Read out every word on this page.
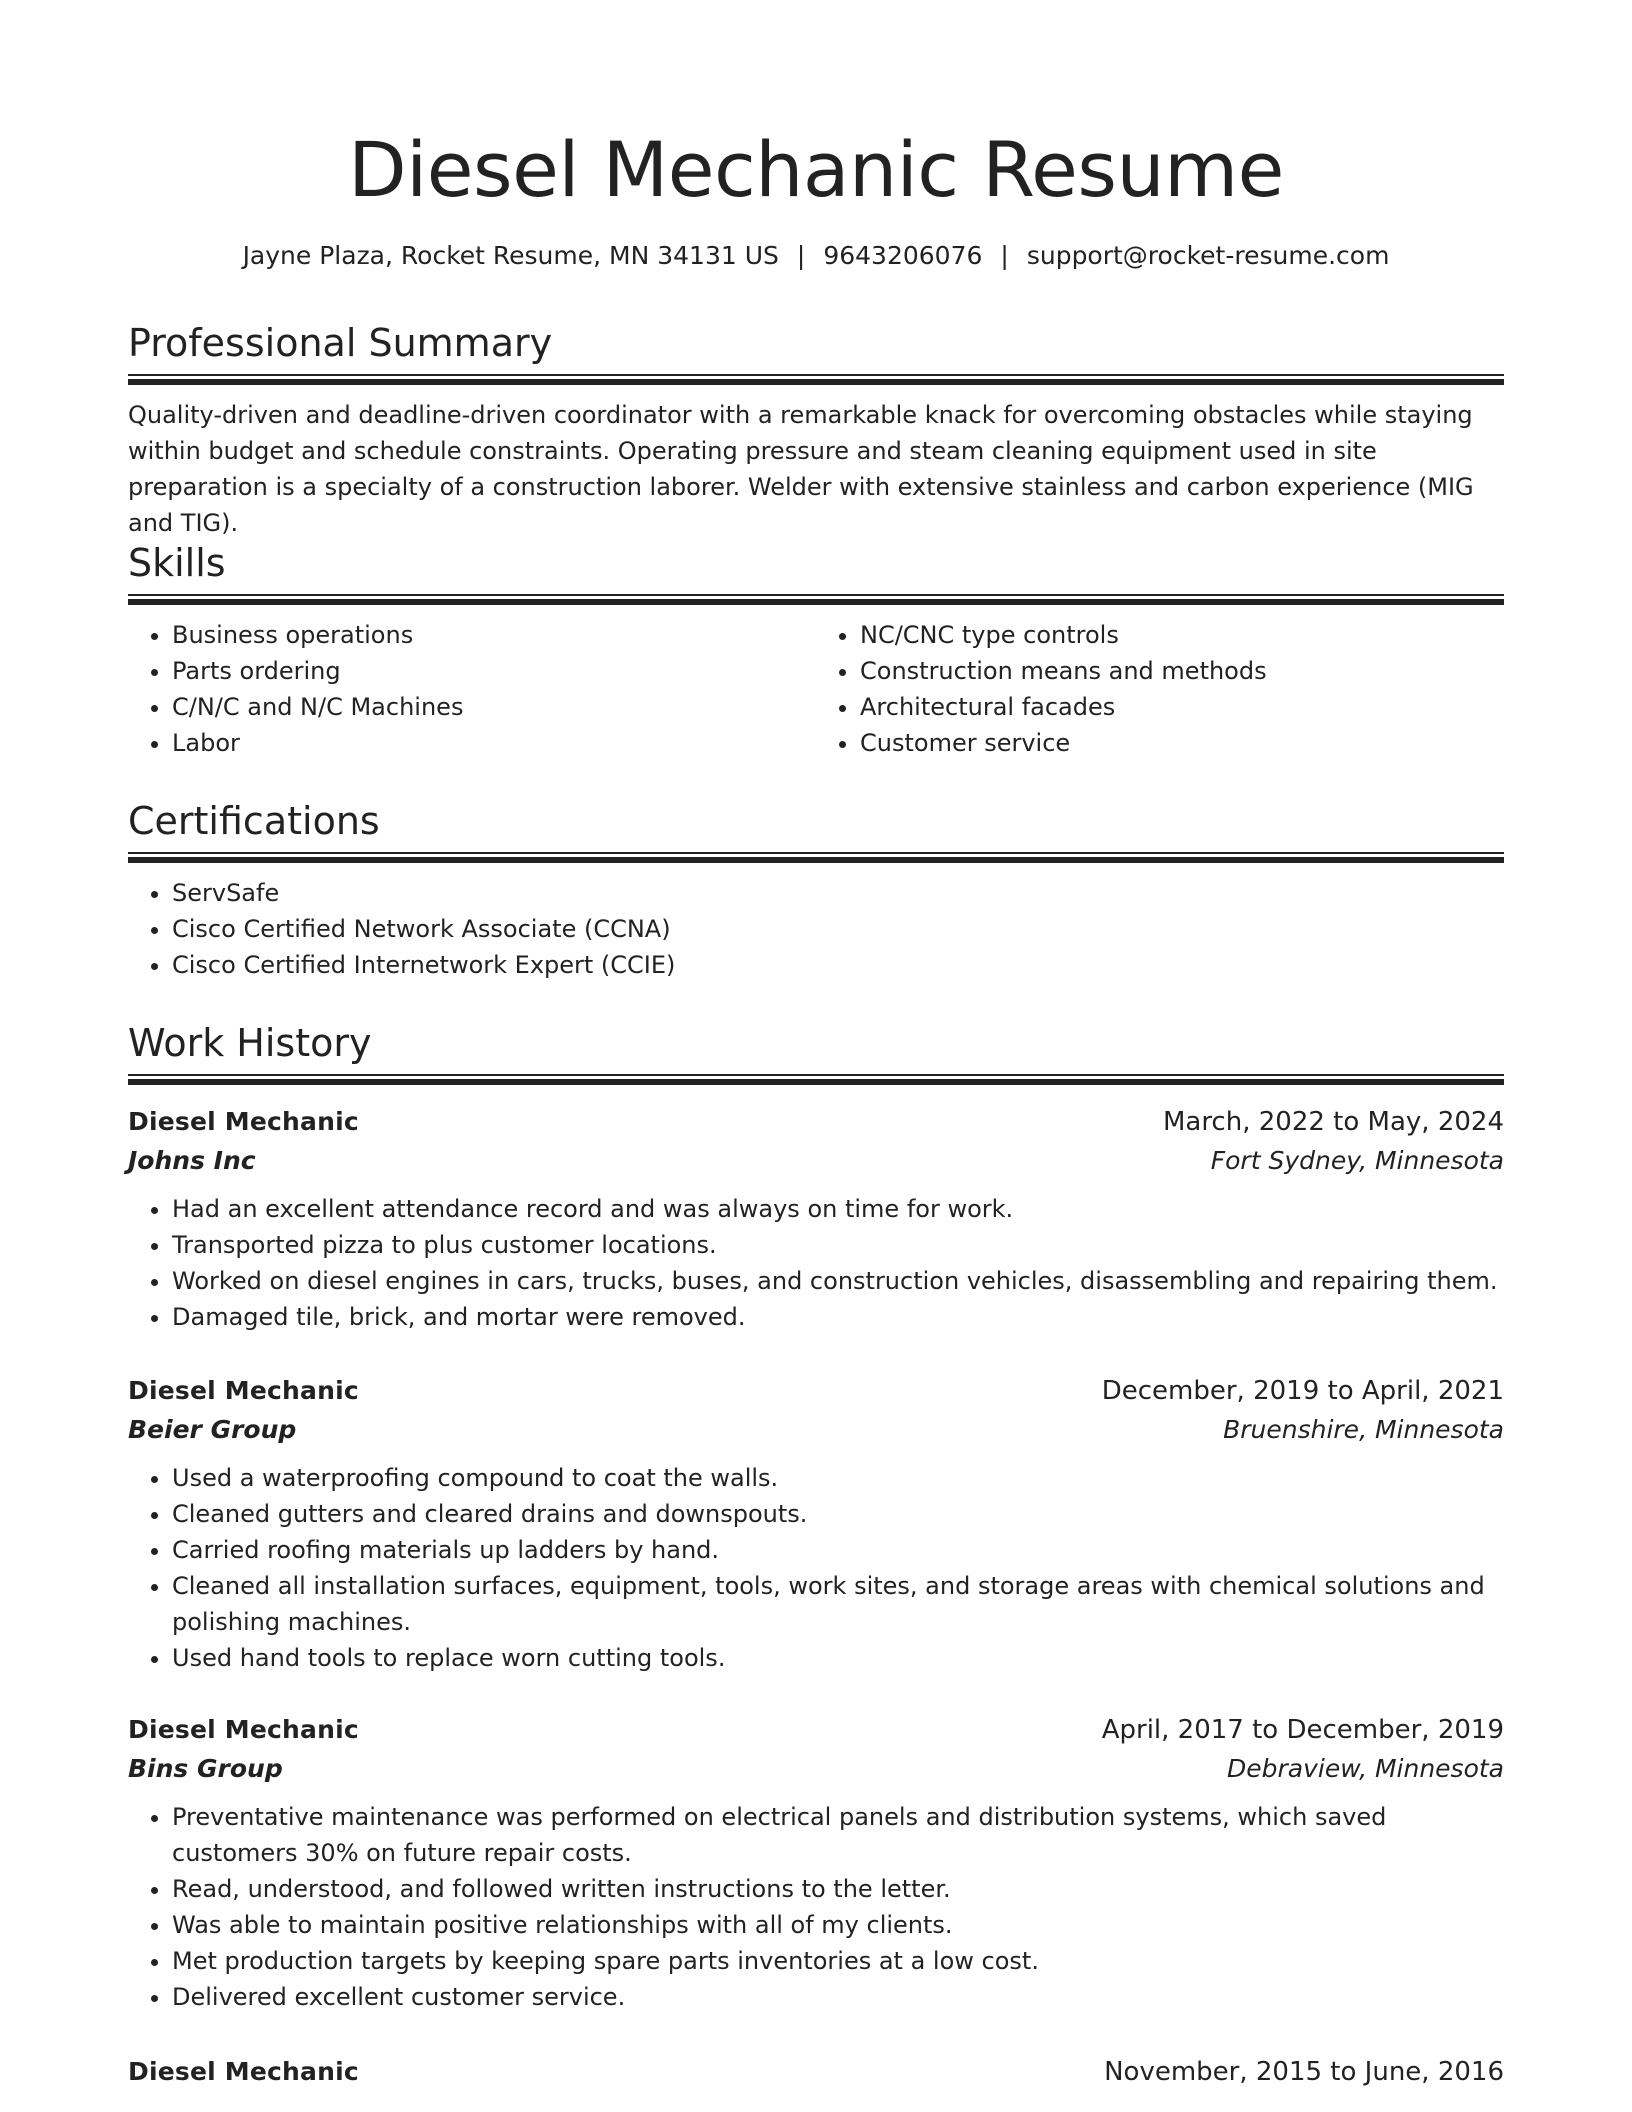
Diesel Mechanic Resume
Jayne Plaza, Rocket Resume, MN 34131 US | 9643206076 | support@rocket-resume.com
Professional Summary

Quality-driven and deadline-driven coordinator with a remarkable knack for overcoming obstacles while staying within budget and schedule constraints. Operating pressure and steam cleaning equipment used in site preparation is a specialty of a construction laborer. Welder with extensive stainless and carbon experience (MIG and TIG).

Skills
• Business operations
• Parts ordering
• C/N/C and N/C Machines
• Labor
• NC/CNC type controls
• Construction means and methods
• Architectural facades
• Customer service
Certifications
• ServSafe
• Cisco Certified Network Associate (CCNA)
• Cisco Certified Internetwork Expert (CCIE)
Work History
Diesel Mechanic	March, 2022 to May, 2024
Johns Inc	Fort Sydney, Minnesota
• Had an excellent attendance record and was always on time for work.
• Transported pizza to plus customer locations.
• Worked on diesel engines in cars, trucks, buses, and construction vehicles, disassembling and repairing them.
• Damaged tile, brick, and mortar were removed.
Diesel Mechanic	December, 2019 to April, 2021
Beier Group	Bruenshire, Minnesota
• Used a waterproofing compound to coat the walls.
• Cleaned gutters and cleared drains and downspouts.
• Carried roofing materials up ladders by hand.
• Cleaned all installation surfaces, equipment, tools, work sites, and storage areas with chemical solutions and polishing machines.
• Used hand tools to replace worn cutting tools.
Diesel Mechanic	April, 2017 to December, 2019
Bins Group	Debraview, Minnesota
• Preventative maintenance was performed on electrical panels and distribution systems, which saved customers 30% on future repair costs.
• Read, understood, and followed written instructions to the letter.
• Was able to maintain positive relationships with all of my clients.
• Met production targets by keeping spare parts inventories at a low cost.
• Delivered excellent customer service.
Diesel Mechanic	November, 2015 to June, 2016
